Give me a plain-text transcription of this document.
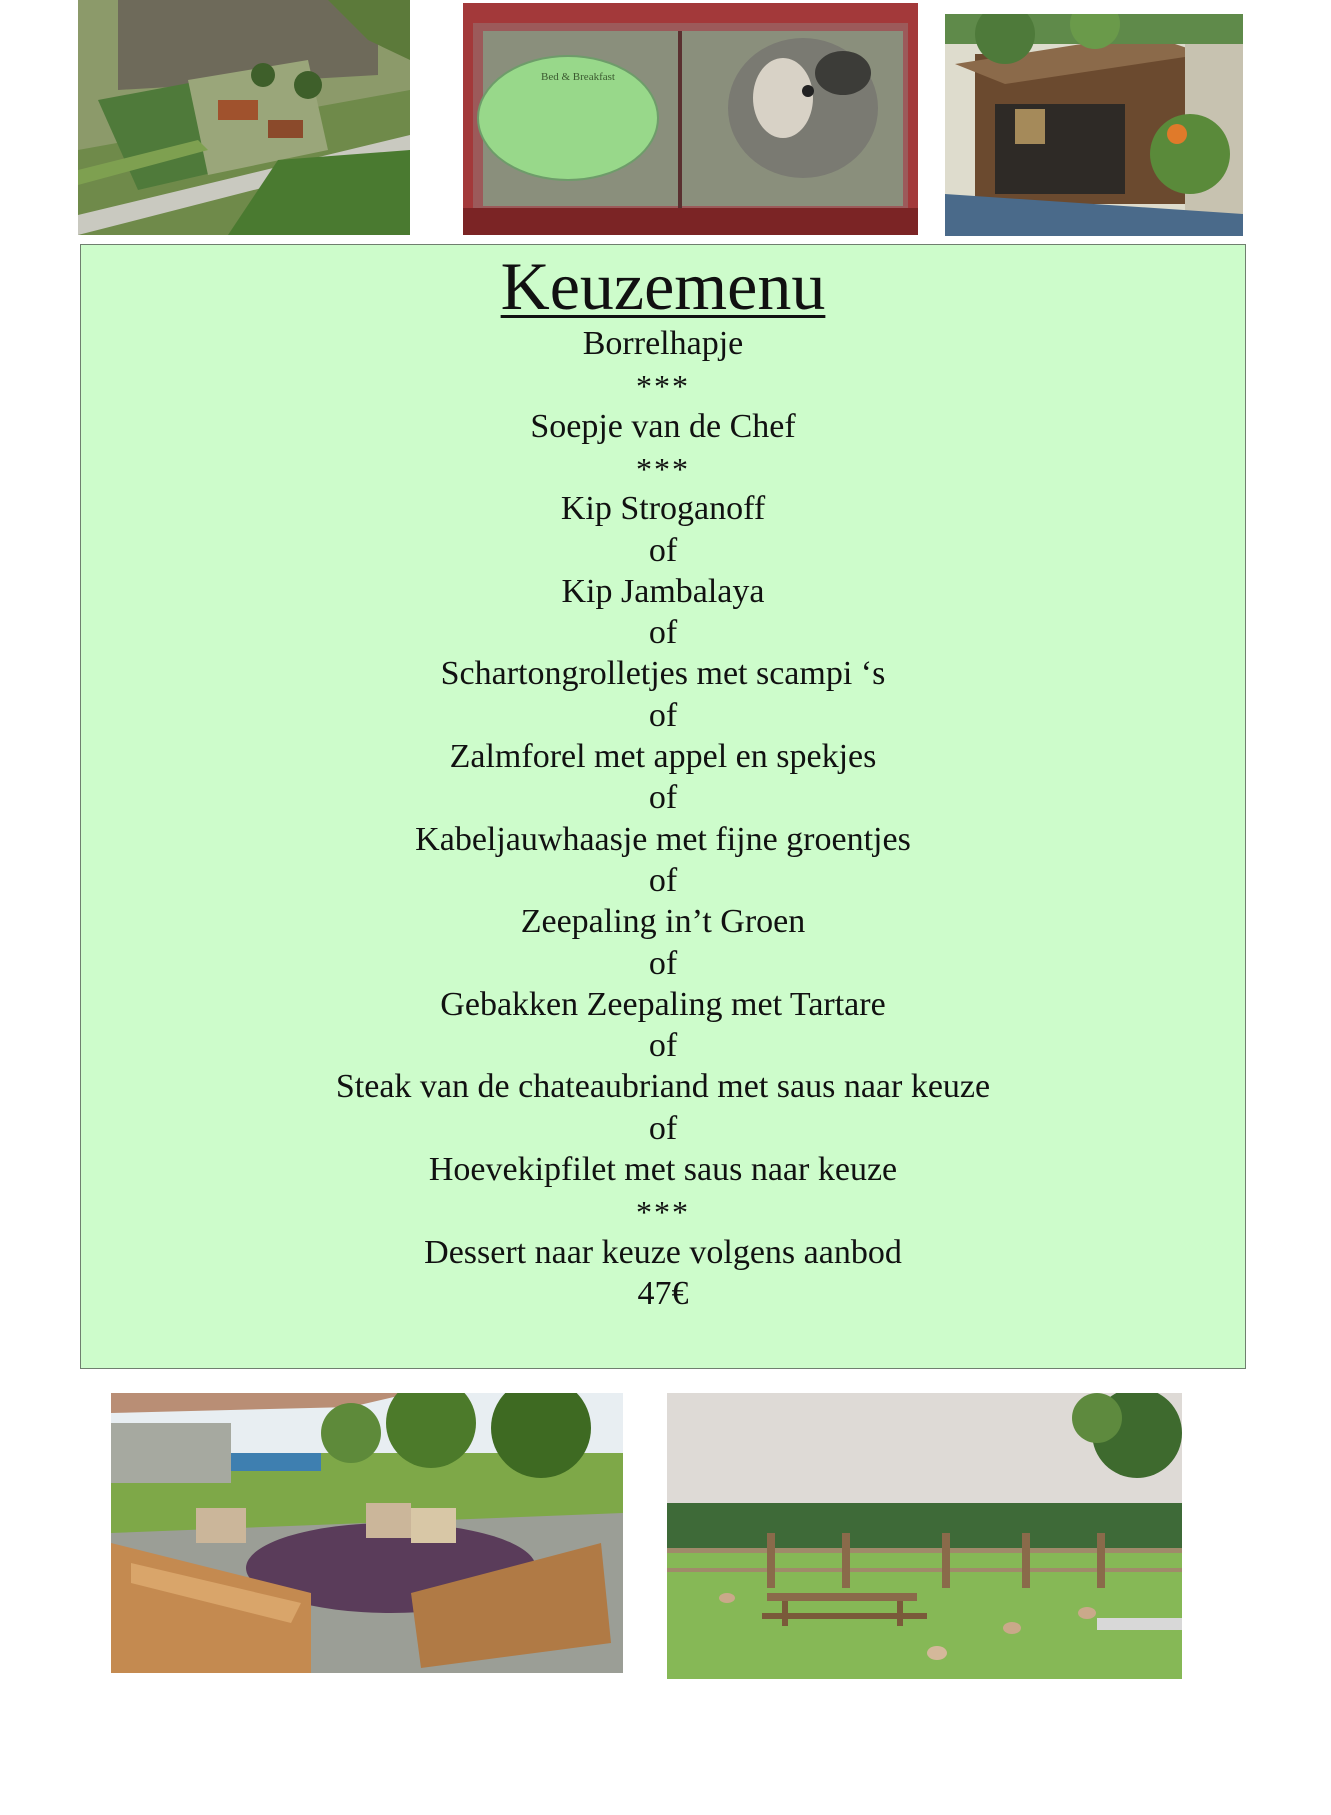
Bed & Breakfast
Keuzemenu
Borrelhapje
***
Soepje van de Chef
***
Kip Stroganoff
of
Kip Jambalaya
of
Schartongrolletjes met scampi ‘s
of
Zalmforel met appel en spekjes
of
Kabeljauwhaasje met fijne groentjes
of
Zeepaling in’t Groen
of
Gebakken Zeepaling met Tartare
of
Steak van de chateaubriand met saus naar keuze
of
Hoevekipfilet met saus naar keuze
***
Dessert naar keuze volgens aanbod
47€
